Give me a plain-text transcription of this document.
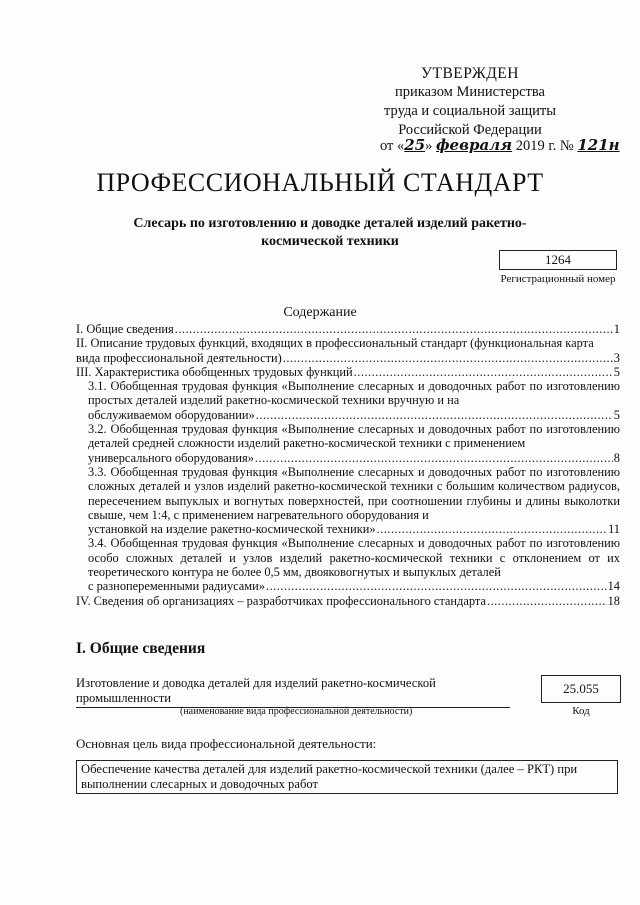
УТВЕРЖДЕН
приказом Министерства
труда и социальной защиты
Российской Федерации
от «25» февраля 2019 г. № 121н
ПРОФЕССИОНАЛЬНЫЙ СТАНДАРТ
Слесарь по изготовлению и доводке деталей изделий ракетно-космической техники
1264
Регистрационный номер
Содержание
I. Общие сведения .....	1
II. Описание трудовых функций, входящих в профессиональный стандарт (функциональная карта
вида профессиональной деятельности) .....	3
III. Характеристика обобщенных трудовых функций .....	5
3.1. Обобщенная трудовая функция «Выполнение слесарных и доводочных работ по изготовлению простых деталей изделий ракетно-космической техники вручную и на
обслуживаемом оборудовании» .....	5
3.2. Обобщенная трудовая функция «Выполнение слесарных и доводочных работ по изготовлению деталей средней сложности изделий ракетно-космической техники с применением
универсального оборудования» .....	8
3.3. Обобщенная трудовая функция «Выполнение слесарных и доводочных работ по изготовлению сложных деталей и узлов изделий ракетно-космической техники с большим количеством радиусов, пересечением выпуклых и вогнутых поверхностей, при соотношении глубины и длины выколотки свыше, чем 1:4, с применением нагревательного оборудования и
установкой на изделие ракетно-космической техники» .....	11
3.4. Обобщенная трудовая функция «Выполнение слесарных и доводочных работ по изготовлению особо сложных деталей и узлов изделий ракетно-космической техники с отклонением от их теоретического контура не более 0,5 мм, двояковогнутых и выпуклых деталей
с разнопеременными радиусами» .....	14
IV. Сведения об организациях – разработчиках профессионального стандарта .....	18
I. Общие сведения
Изготовление и доводка деталей для изделий ракетно-космической промышленности
(наименование вида профессиональной деятельности)
25.055
Код
Основная цель вида профессиональной деятельности:
Обеспечение качества деталей для изделий ракетно-космической техники (далее – РКТ) при выполнении слесарных и доводочных работ
